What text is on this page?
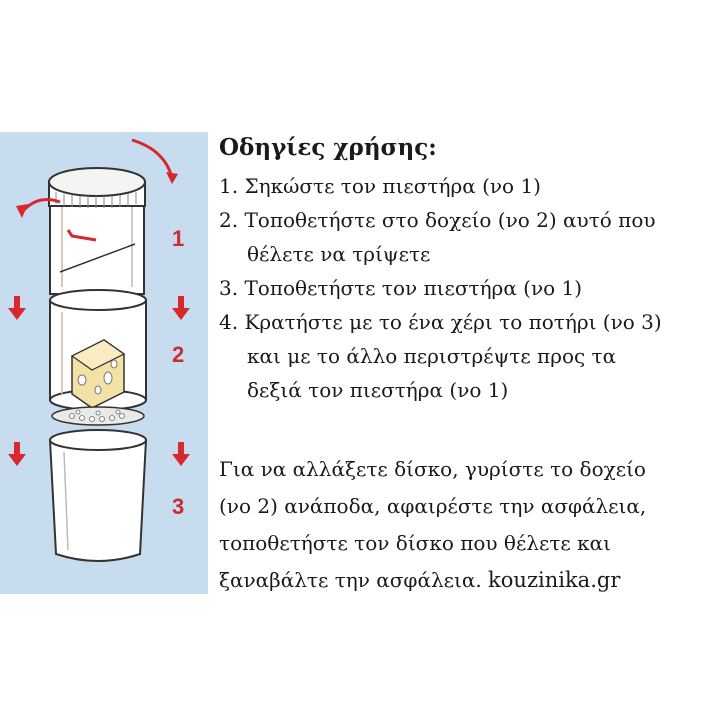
1
2
3
Οδηγίες χρήσης:
1. Σηκώστε τον πιεστήρα (νο 1)
2. Τοποθετήστε στο δοχείο (νο 2) αυτό που
θέλετε να τρίψετε
3. Τοποθετήστε τον πιεστήρα (νο 1)
4. Κρατήστε με το ένα χέρι το ποτήρι (νο 3)
και με το άλλο περιστρέψτε προς τα
δεξιά τον πιεστήρα (νο 1)
Για να αλλάξετε δίσκο, γυρίστε το δοχείο
(νο 2) ανάποδα, αφαιρέστε την ασφάλεια,
τοποθετήστε τον δίσκο που θέλετε και
ξαναβάλτε την ασφάλεια. kouzinika.gr
